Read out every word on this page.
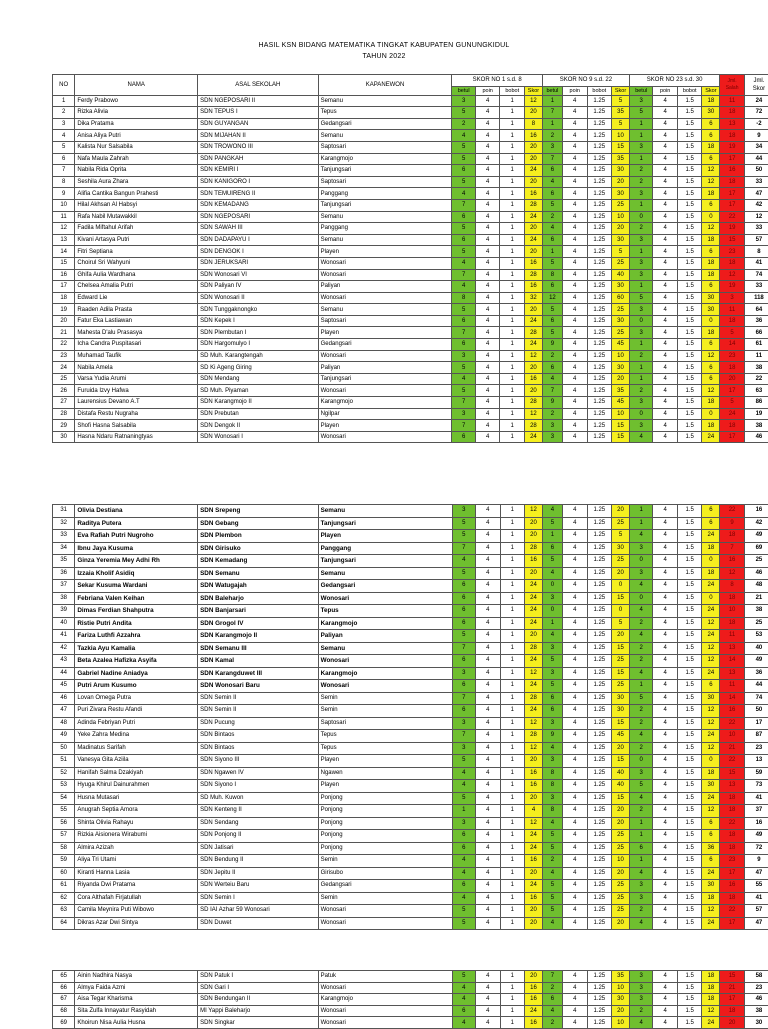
HASIL KSN BIDANG MATEMATIKA TINGKAT KABUPATEN GUNUNGKIDUL
TAHUN 2022
NO	NAMA	ASAL SEKOLAH	KAPANEWON	SKOR NO 1 s.d. 8				SKOR NO 9 s.d. 22				SKOR NO 23 s.d. 30				Jml. Salah	Jml. Skor
				betul	poin	bobot	Skor	betul	poin	bobot	Skor	betul	poin	bobot	Skor		
1	Ferdy Prabowo	SDN NGEPOSARI II	Semanu	3	4	1	12	1	4	1.25	5	3	4	1.5	18	11	24
2	Rizka Alivia	SDN TEPUS I	Tepus	5	4	1	20	7	4	1.25	35	5	4	1.5	30	18	72
3	Dika Pratama	SDN GUYANGAN	Gedangsari	2	4	1	8	1	4	1.25	5	1	4	1.5	6	13	-2
4	Anisa Aliya Putri	SDN MIJAHAN II	Semanu	4	4	1	16	2	4	1.25	10	1	4	1.5	6	18	9
5	Kalista Nur Salsabila	SDN TROWONO III	Saptosari	5	4	1	20	3	4	1.25	15	3	4	1.5	18	19	34
6	Nafa Maula Zahrah	SDN PANGKAH	Karangmojo	5	4	1	20	7	4	1.25	35	1	4	1.5	6	17	44
7	Nabila Rida Oprita	SDN KEMIRI I	Tanjungsari	6	4	1	24	6	4	1.25	30	2	4	1.5	12	16	50
8	Seshila Aura Zhara	SDN KANIGORO I	Saptosari	5	4	1	20	4	4	1.25	20	2	4	1.5	12	18	33
9	Alifia Cantika Bangun Prahesti	SDN TEMUIRENG II	Panggang	4	4	1	16	6	4	1.25	30	3	4	1.5	18	17	47
10	Hilal Akhsan Al Habsyi	SDN KEMADANG	Tanjungsari	7	4	1	28	5	4	1.25	25	1	4	1.5	6	17	42
11	Rafa Nabil Mutawakkil	SDN NGEPOSARI	Semanu	6	4	1	24	2	4	1.25	10	0	4	1.5	0	22	12
12	Fadila Miftahul Arifah	SDN SAWAH III	Panggang	5	4	1	20	4	4	1.25	20	2	4	1.5	12	19	33
13	Kivani Artasya Putri	SDN DADAPAYU I	Semanu	6	4	1	24	6	4	1.25	30	3	4	1.5	18	15	57
14	Fitri Septiana	SDN DENGOK I	Playen	5	4	1	20	1	4	1.25	5	1	4	1.5	6	23	8
15	Choirul Sri Wahyuni	SDN JERUKSARI	Wonosari	4	4	1	16	5	4	1.25	25	3	4	1.5	18	18	41
16	Ghifa Aulia Wardhana	SDN Wonosari VI	Wonosari	7	4	1	28	8	4	1.25	40	3	4	1.5	18	12	74
17	Chelsea Amalia Putri	SDN Paliyan IV	Paliyan	4	4	1	16	6	4	1.25	30	1	4	1.5	6	19	33
18	Edward Lie	SDN Wonosari II	Wonosari	8	4	1	32	12	4	1.25	60	5	4	1.5	30	3	118
19	Raaden Adila Prasta	SDN Tunggaknongko	Semanu	5	4	1	20	5	4	1.25	25	3	4	1.5	30	11	64
20	Fatur Eka Lastiawan	SDN Kepek I	Saptosari	6	4	1	24	6	4	1.25	30	0	4	1.5	0	18	36
21	Mahesta D'alu Prasasya	SDN Plembutan I	Playen	7	4	1	28	5	4	1.25	25	3	4	1.5	18	5	66
22	Icha Candra Puspitasari	SDN Hargomulyo I	Gedangsari	6	4	1	24	9	4	1.25	45	1	4	1.5	6	14	61
23	Muhamad Taufik	SD Muh. Karangtengah	Wonosari	3	4	1	12	2	4	1.25	10	2	4	1.5	12	23	11
24	Nabila Amela	SD Ki Ageng Giring	Paliyan	5	4	1	20	6	4	1.25	30	1	4	1.5	6	18	38
25	Varsa Yudia Arumi	SDN Mendang	Tanjungsari	4	4	1	16	4	4	1.25	20	1	4	1.5	6	20	22
26	Furuida Izvy Hafwa	SD Muh. Piyaman	Wonosari	5	4	1	20	7	4	1.25	35	2	4	1.5	12	17	63
27	Laurensius Devano A.T	SDN Karangmojo II	Karangmojo	7	4	1	28	9	4	1.25	45	3	4	1.5	18	5	86
28	Distafa Restu Nugraha	SDN Prebutan	Ngilpar	3	4	1	12	2	4	1.25	10	0	4	1.5	0	24	19
29	Shofi Hasna Salsabila	SDN Dengok II	Playen	7	4	1	28	3	4	1.25	15	3	4	1.5	18	18	38
30	Hasna Ndaru Ratnaningtyas	SDN Wonosari I	Wonosari	6	4	1	24	3	4	1.25	15	4	4	1.5	24	17	46
31	Olivia Destiana	SDN Srepeng	Semanu	3	4	1	12	4	4	1.25	20	1	4	1.5	6	22	16
32	Raditya Putera	SDN Gebang	Tanjungsari	5	4	1	20	5	4	1.25	25	1	4	1.5	6	9	42
33	Eva Rafiah Putri Nugroho	SDN Plembon	Playen	5	4	1	20	1	4	1.25	5	4	4	1.5	24	18	49
34	Ibnu Jaya Kusuma	SDN Girisuko	Panggang	7	4	1	28	6	4	1.25	30	3	4	1.5	18	7	69
35	Ginza Yeremia Mey Adhi Rh	SDN Kemadang	Tanjungsari	4	4	1	16	5	4	1.25	25	0	4	1.5	0	16	25
36	Izzaia Kholif Asidiq	SDN Semanu	Semanu	5	4	1	20	4	4	1.25	20	3	4	1.5	18	12	46
37	Sekar Kusuma Wardani	SDN Watugajah	Gedangsari	6	4	1	24	0	4	1.25	0	4	4	1.5	24	8	48
38	Febriana Valen Keihan	SDN Baleharjo	Wonosari	6	4	1	24	3	4	1.25	15	0	4	1.5	0	18	21
39	Dimas Ferdian Shahputra	SDN Banjarsari	Tepus	6	4	1	24	0	4	1.25	0	4	4	1.5	24	10	38
40	Ristie Putri Andita	SDN Grogol IV	Karangmojo	6	4	1	24	1	4	1.25	5	2	4	1.5	12	18	25
41	Fariza Luthfi Azzahra	SDN Karangmojo II	Paliyan	5	4	1	20	4	4	1.25	20	4	4	1.5	24	11	53
42	Tazkia Ayu Kamalia	SDN Semanu III	Semanu	7	4	1	28	3	4	1.25	15	2	4	1.5	12	13	40
43	Beta Azalea Hafizka Asyifa	SDN Kamal	Wonosari	6	4	1	24	5	4	1.25	25	2	4	1.5	12	14	49
44	Gabriel Nadine Aniadya	SDN Karangduwet III	Karangmojo	3	4	1	12	3	4	1.25	15	4	4	1.5	24	13	36
45	Putri Arum Kusumo	SDN Wonosari Baru	Wonosari	6	4	1	24	5	4	1.25	25	1	4	1.5	6	11	44
46	Lovan Omega Putra	SDN Semin II	Semin	7	4	1	28	6	4	1.25	30	5	4	1.5	30	14	74
47	Puri Zivara Restu Afandi	SDN Semin II	Semin	6	4	1	24	6	4	1.25	30	2	4	1.5	12	16	50
48	Adinda Febriyan Putri	SDN Pucung	Saptosari	3	4	1	12	3	4	1.25	15	2	4	1.5	12	22	17
49	Yeke Zahra Medina	SDN Bintaos	Tepus	7	4	1	28	9	4	1.25	45	4	4	1.5	24	10	87
50	Madinatus Sarifah	SDN Bintaos	Tepus	3	4	1	12	4	4	1.25	20	2	4	1.5	12	21	23
51	Vanesya Gita Aziila	SDN Siyono III	Playen	5	4	1	20	3	4	1.25	15	0	4	1.5	0	22	13
52	Hanifah Salma Dzakiyah	SDN Ngawen IV	Ngawen	4	4	1	16	8	4	1.25	40	3	4	1.5	18	15	59
53	Hyuga Khirul Dainurahmen	SDN Siyono I	Playen	4	4	1	16	8	4	1.25	40	5	4	1.5	30	13	73
54	Husna Mutasari	SD Muh. Kuwon	Ponjong	5	4	1	20	3	4	1.25	15	4	4	1.5	24	18	41
55	Anugrah Septia Amora	SDN Kenteng II	Ponjong	1	4	1	4	8	4	1.25	20	2	4	1.5	12	18	37
56	Shinta Olivia Rahayu	SDN Sendang	Ponjong	3	4	1	12	4	4	1.25	20	1	4	1.5	6	22	16
57	Rizkia Aisionera Wirabumi	SDN Ponjong II	Ponjong	6	4	1	24	5	4	1.25	25	1	4	1.5	6	18	49
58	Almira Azizah	SDN Jatisari	Ponjong	6	4	1	24	5	4	1.25	25	6	4	1.5	36	18	72
59	Aliya Tri Utami	SDN Bendung II	Semin	4	4	1	16	2	4	1.25	10	1	4	1.5	6	23	9
60	Kiranti Hanna Lasia	SDN Jepitu II	Girisubo	4	4	1	20	4	4	1.25	20	4	4	1.5	24	17	47
61	Riyanda Dwi Pratama	SDN Werteiu Baru	Gedangsari	6	4	1	24	5	4	1.25	25	3	4	1.5	30	16	55
62	Cora Althafah Firjatullah	SDN Semin I	Semin	4	4	1	16	5	4	1.25	25	3	4	1.5	18	18	41
63	Camila Meynira Puti Wibowo	SD IAI Azhar 59 Wonosari	Wonosari	5	4	1	20	5	4	1.25	25	2	4	1.5	12	22	57
64	Dikras Azar Dwi Sintya	SDN Duwet	Wonosari	5	4	1	20	4	4	1.25	20	4	4	1.5	24	17	47
65	Ainin Nadhira Nasya	SDN Patuk I	Patuk	5	4	1	20	7	4	1.25	35	3	4	1.5	18	15	58
66	Almya Faida Azmi	SDN Gari I	Wonosari	4	4	1	16	2	4	1.25	10	3	4	1.5	18	21	23
67	Aisa Tegar Kharisma	SDN Bendungan II	Karangmojo	4	4	1	16	6	4	1.25	30	3	4	1.5	18	17	46
68	Sita Zulfa Innayatur Rasyidah	MI Yappi Baleharjo	Wonosari	6	4	1	24	4	4	1.25	20	2	4	1.5	12	18	38
69	Khoirun Nisa Aulia Husna	SDN Singkar	Wonosari	4	4	1	16	2	4	1.25	10	4	4	1.5	24	20	30
